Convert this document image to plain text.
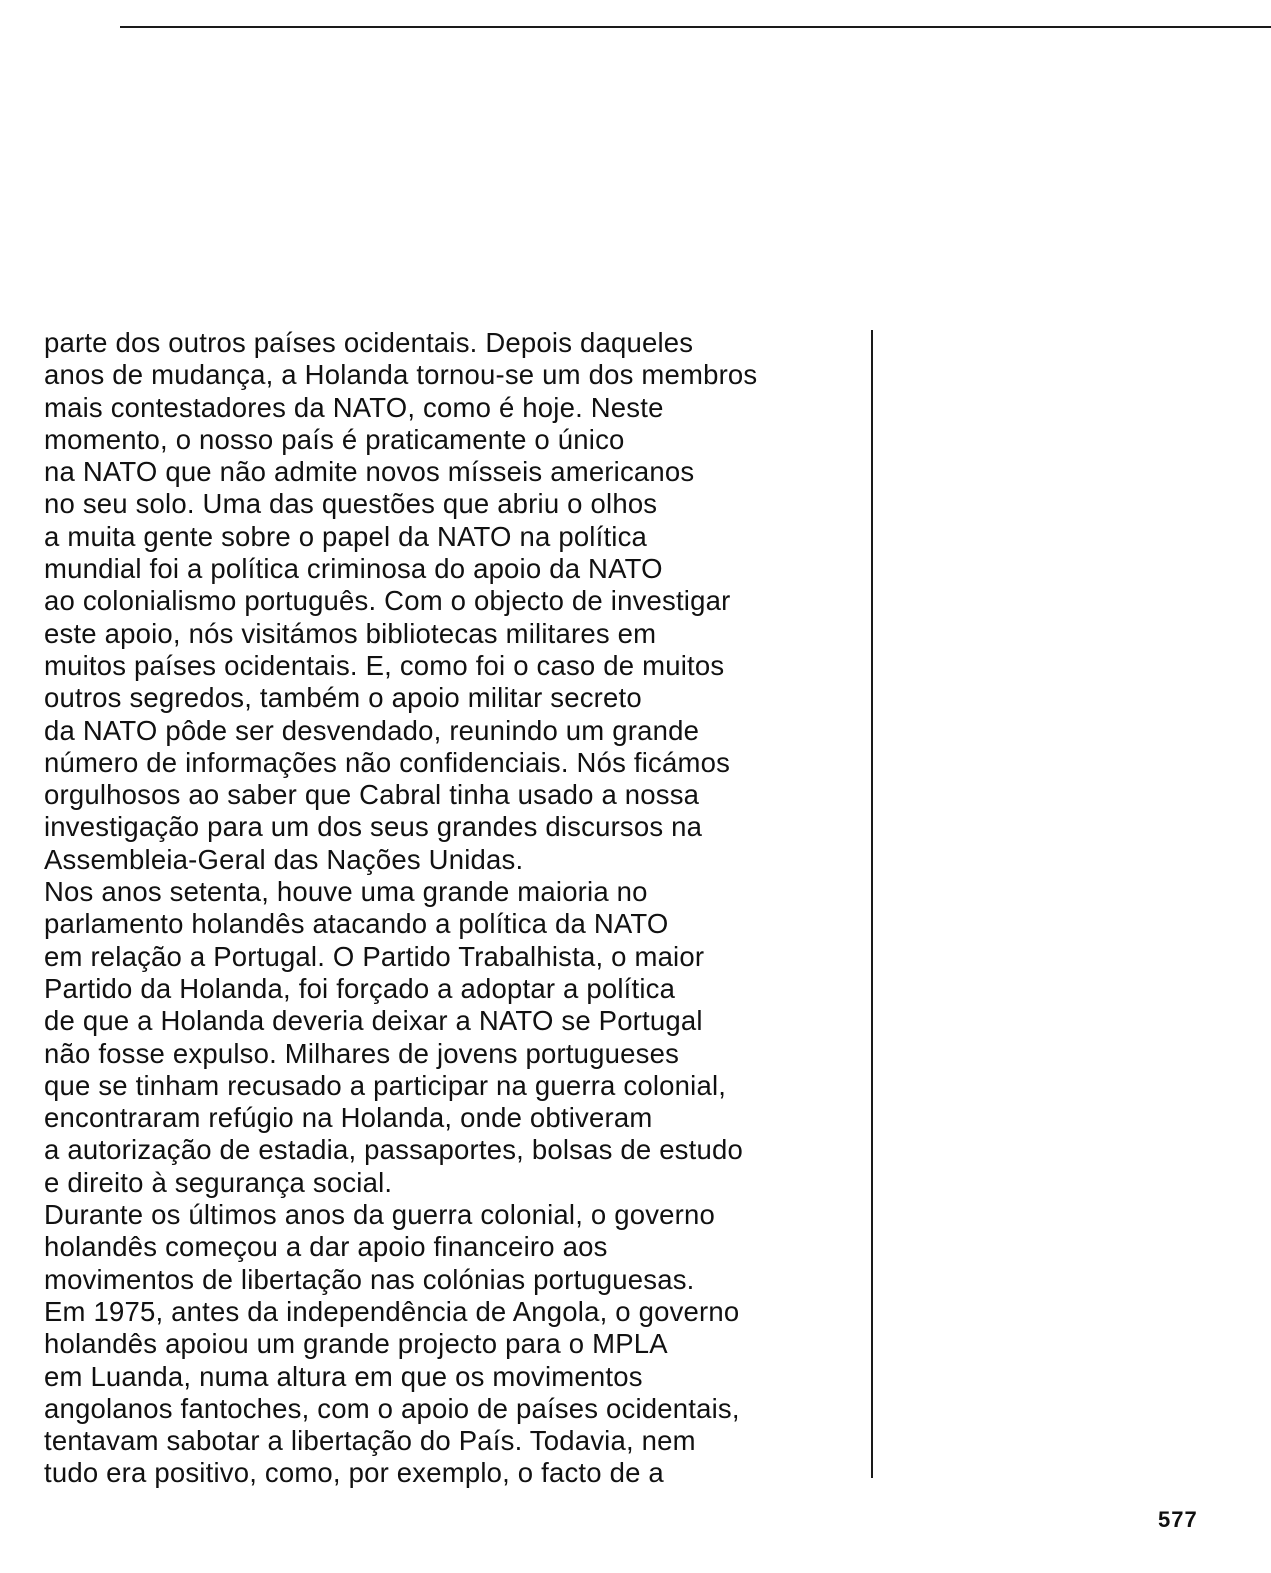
parte dos outros países ocidentais. Depois daqueles
anos de mudança, a Holanda tornou-se um dos membros
mais contestadores da NATO, como é hoje. Neste
momento, o nosso país é praticamente o único
na NATO que não admite novos mísseis americanos
no seu solo. Uma das questões que abriu o olhos
a muita gente sobre o papel da NATO na política
mundial foi a política criminosa do apoio da NATO
ao colonialismo português. Com o objecto de investigar
este apoio, nós visitámos bibliotecas militares em
muitos países ocidentais. E, como foi o caso de muitos
outros segredos, também o apoio militar secreto
da NATO pôde ser desvendado, reunindo um grande
número de informações não confidenciais. Nós ficámos
orgulhosos ao saber que Cabral tinha usado a nossa
investigação para um dos seus grandes discursos na
Assembleia-Geral das Nações Unidas.
Nos anos setenta, houve uma grande maioria no
parlamento holandês atacando a política da NATO
em relação a Portugal. O Partido Trabalhista, o maior
Partido da Holanda, foi forçado a adoptar a política
de que a Holanda deveria deixar a NATO se Portugal
não fosse expulso. Milhares de jovens portugueses
que se tinham recusado a participar na guerra colonial,
encontraram refúgio na Holanda, onde obtiveram
a autorização de estadia, passaportes, bolsas de estudo
e direito à segurança social.
Durante os últimos anos da guerra colonial, o governo
holandês começou a dar apoio financeiro aos
movimentos de libertação nas colónias portuguesas.
Em 1975, antes da independência de Angola, o governo
holandês apoiou um grande projecto para o MPLA
em Luanda, numa altura em que os movimentos
angolanos fantoches, com o apoio de países ocidentais,
tentavam sabotar a libertação do País. Todavia, nem
tudo era positivo, como, por exemplo, o facto de a
577
